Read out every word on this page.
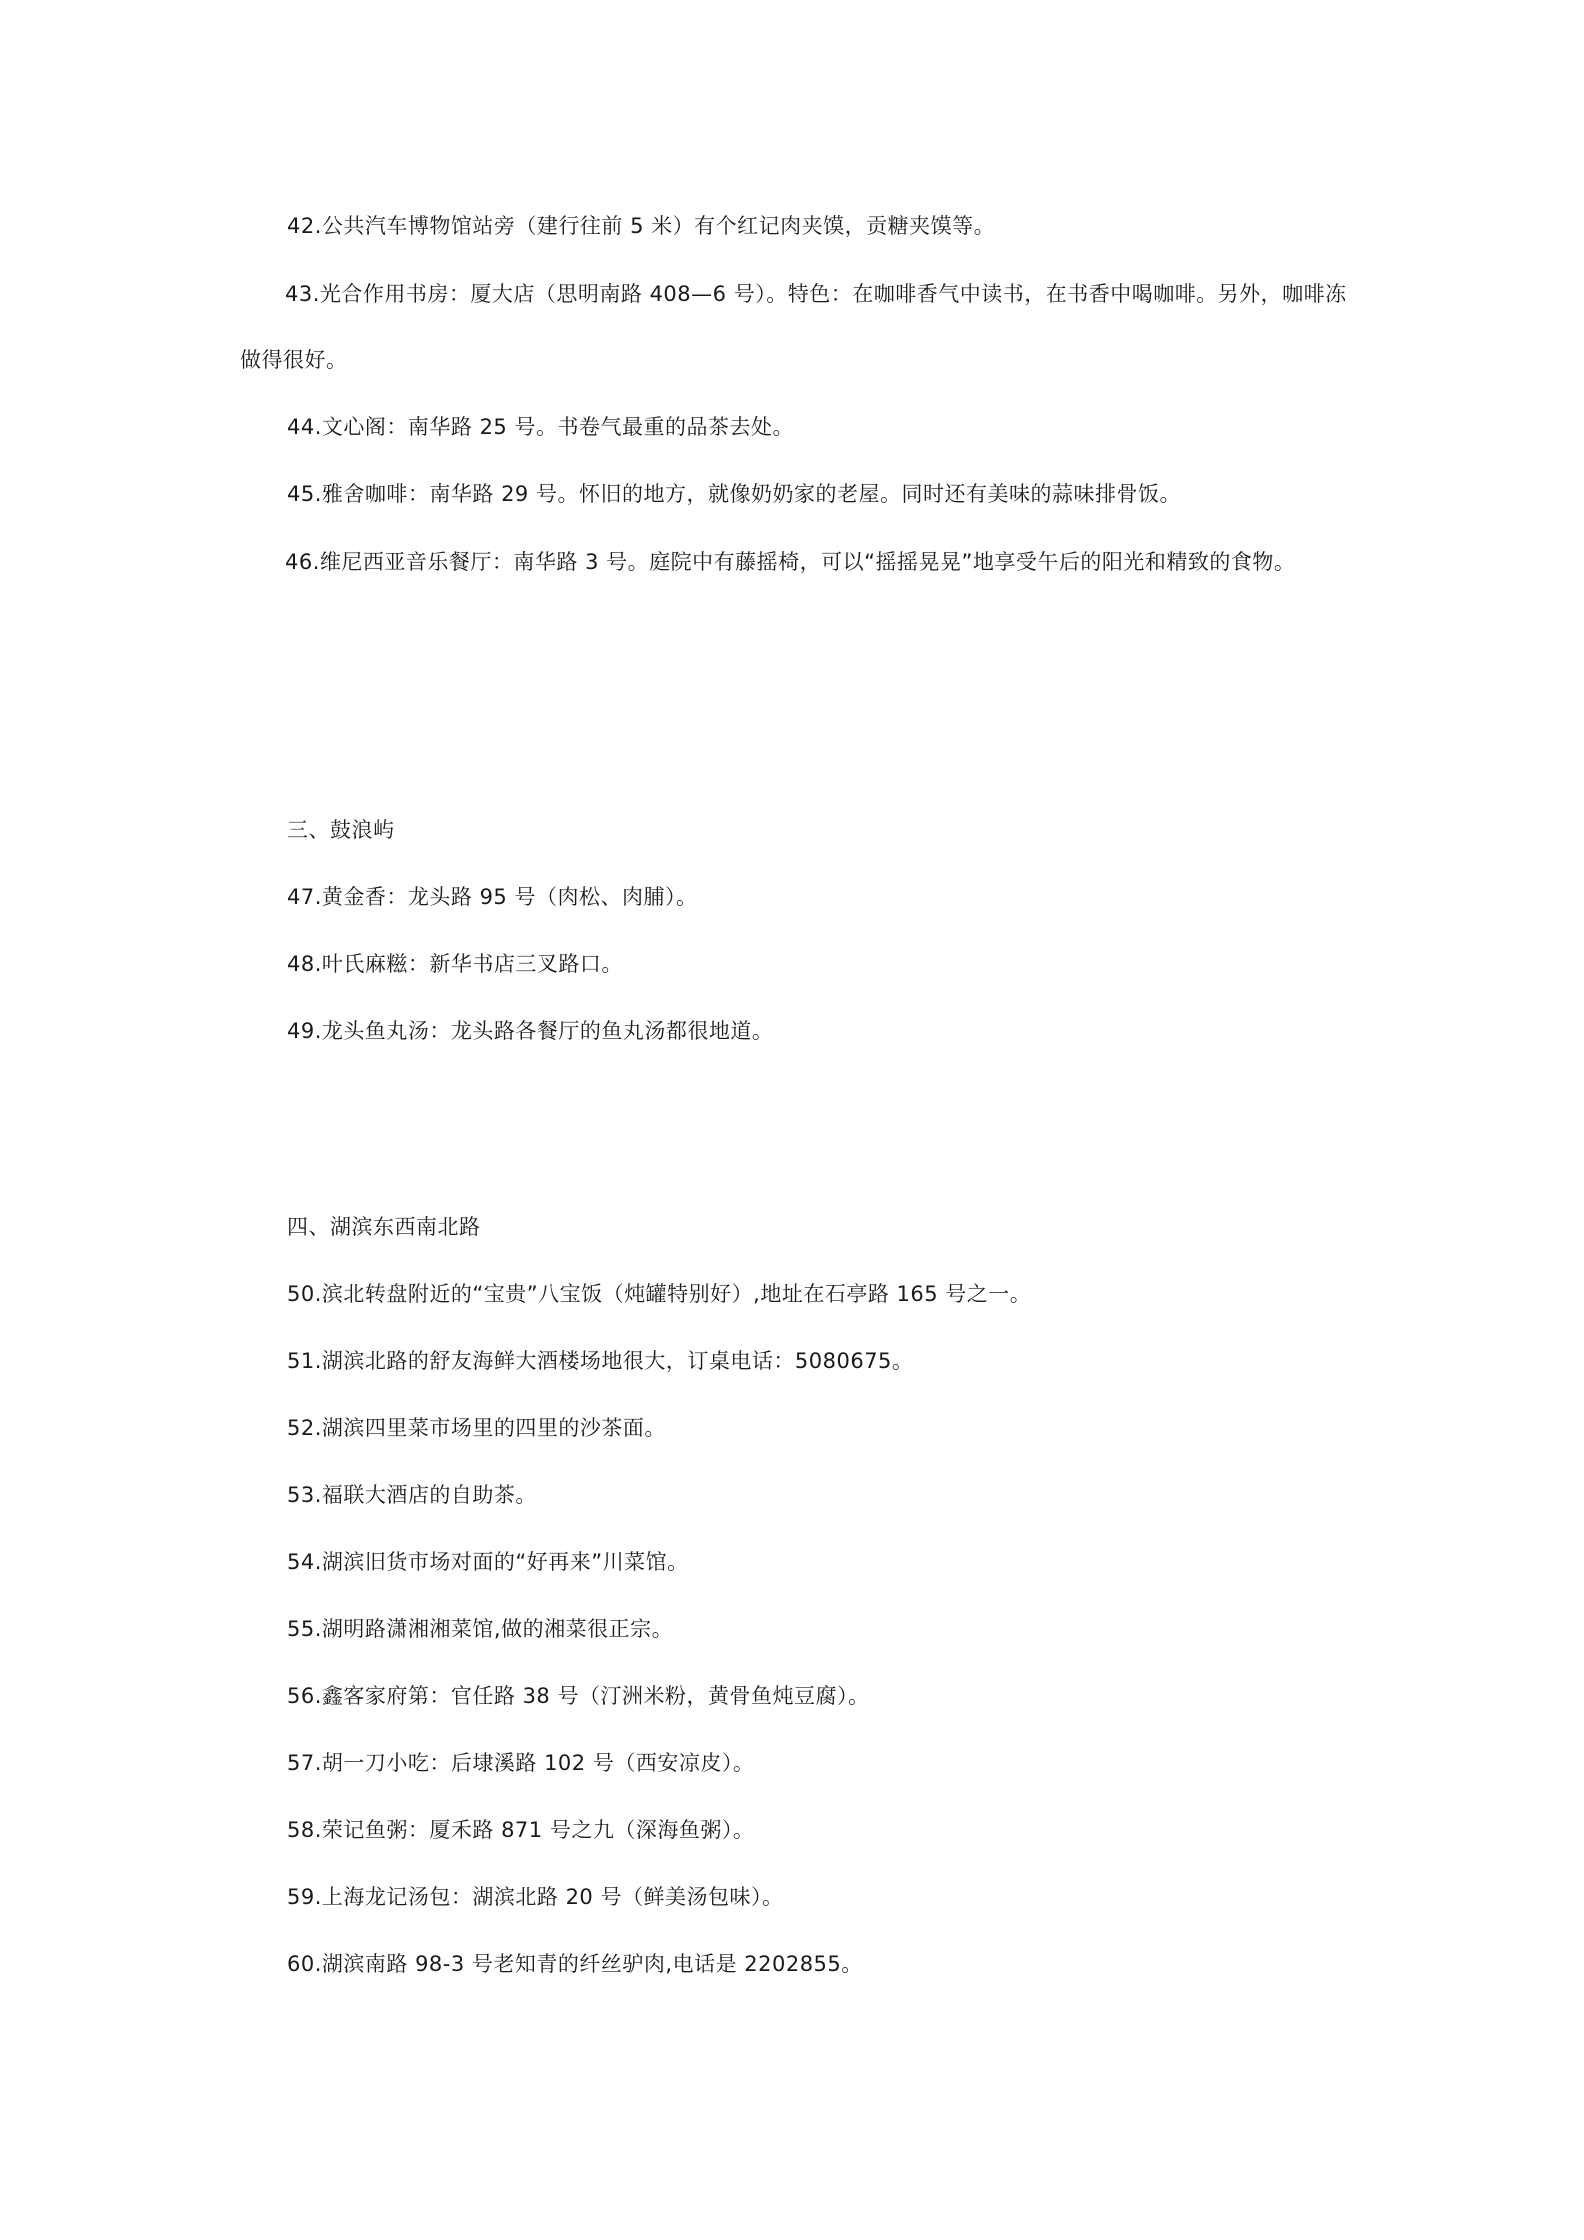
42.公共汽车博物馆站旁（建行往前 5 米）有个红记肉夹馍，贡糖夹馍等。
43.光合作用书房：厦大店（思明南路 408—6 号）。特色：在咖啡香气中读书，在书香中喝咖啡。另外，咖啡冻做得很好。
44.文心阁：南华路 25 号。书卷气最重的品茶去处。
45.雅舍咖啡：南华路 29 号。怀旧的地方，就像奶奶家的老屋。同时还有美味的蒜味排骨饭。
46.维尼西亚音乐餐厅：南华路 3 号。庭院中有藤摇椅，可以“摇摇晃晃”地享受午后的阳光和精致的食物。
三、鼓浪屿
47.黄金香：龙头路 95 号（肉松、肉脯）。
48.叶氏麻糍：新华书店三叉路口。
49.龙头鱼丸汤：龙头路各餐厅的鱼丸汤都很地道。
四、湖滨东西南北路
50.滨北转盘附近的“宝贵”八宝饭（炖罐特别好）,地址在石亭路 165 号之一。
51.湖滨北路的舒友海鲜大酒楼场地很大，订桌电话：5080675。
52.湖滨四里菜市场里的四里的沙茶面。
53.福联大酒店的自助茶。
54.湖滨旧货市场对面的“好再来”川菜馆。
55.湖明路潇湘湘菜馆,做的湘菜很正宗。
56.鑫客家府第：官任路 38 号（汀洲米粉，黄骨鱼炖豆腐）。
57.胡一刀小吃：后埭溪路 102 号（西安凉皮）。
58.荣记鱼粥：厦禾路 871 号之九（深海鱼粥）。
59.上海龙记汤包：湖滨北路 20 号（鲜美汤包味）。
60.湖滨南路 98-3 号老知青的纤丝驴肉,电话是 2202855。
